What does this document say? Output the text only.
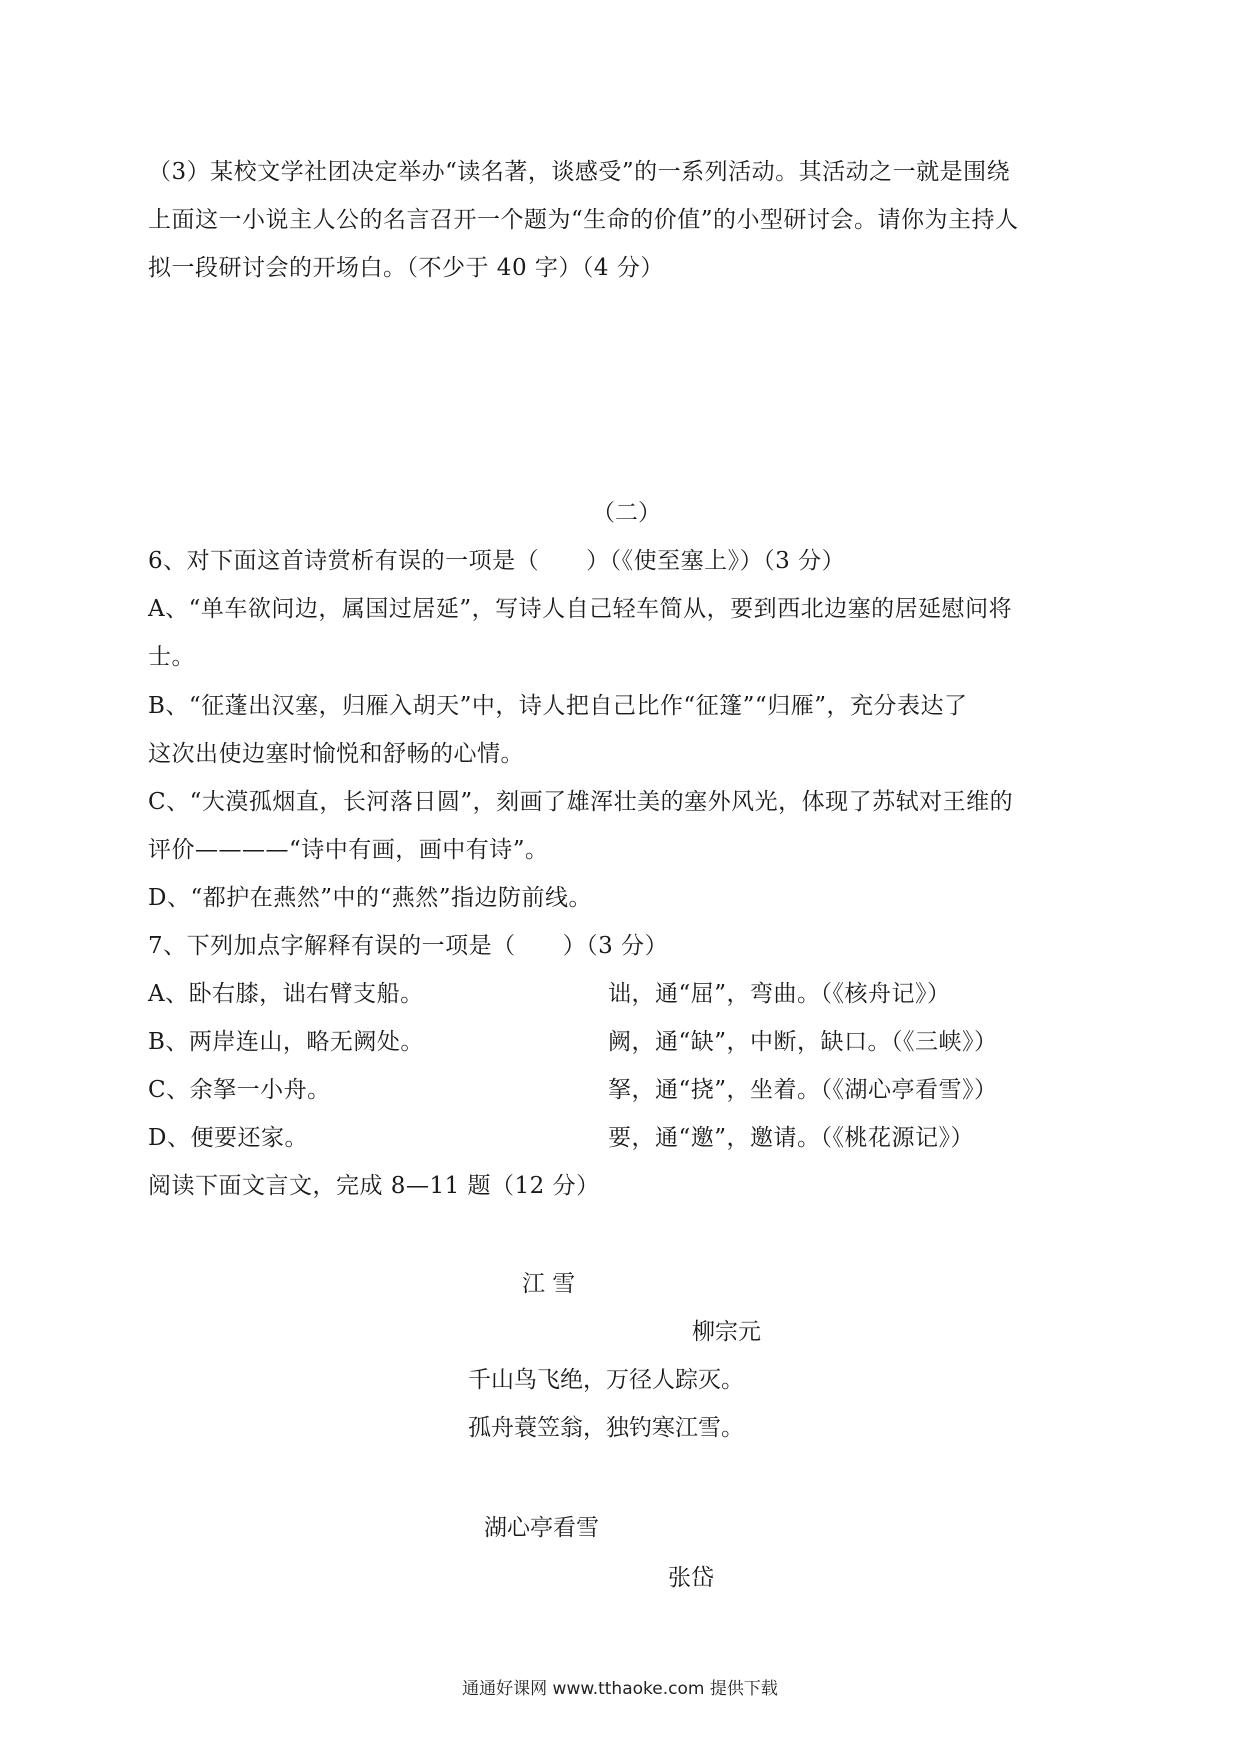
（3）某校文学社团决定举办“读名著，谈感受”的一系列活动。其活动之一就是围绕
上面这一小说主人公的名言召开一个题为“生命的价值”的小型研讨会。请你为主持人
拟一段研讨会的开场白。（不少于 40 字）（4 分）
（二）
6、对下面这首诗赏析有误的一项是（　　）（《使至塞上》）（3 分）
A、“单车欲问边，属国过居延”，写诗人自己轻车简从，要到西北边塞的居延慰问将
士。
B、“征蓬出汉塞，归雁入胡天”中，诗人把自己比作“征篷”“归雁”，充分表达了
这次出使边塞时愉悦和舒畅的心情。
C、“大漠孤烟直，长河落日圆”，刻画了雄浑壮美的塞外风光，体现了苏轼对王维的
评价————“诗中有画，画中有诗”。
D、“都护在燕然”中的“燕然”指边防前线。
7、下列加点字解释有误的一项是（　　）（3 分）
A、卧右膝，诎右臂支船。	诎，通“屈”，弯曲。（《核舟记》）
B、两岸连山，略无阙处。	阙，通“缺”，中断，缺口。（《三峡》）
C、余拏一小舟。	拏，通“挠”，坐着。（《湖心亭看雪》）
D、便要还家。	要，通“邀”，邀请。（《桃花源记》）
阅读下面文言文，完成 8—11 题（12 分）
江 雪
柳宗元
千山鸟飞绝，万径人踪灭。
孤舟蓑笠翁，独钓寒江雪。
湖心亭看雪
张岱
通通好课网 www.tthaoke.com 提供下载
